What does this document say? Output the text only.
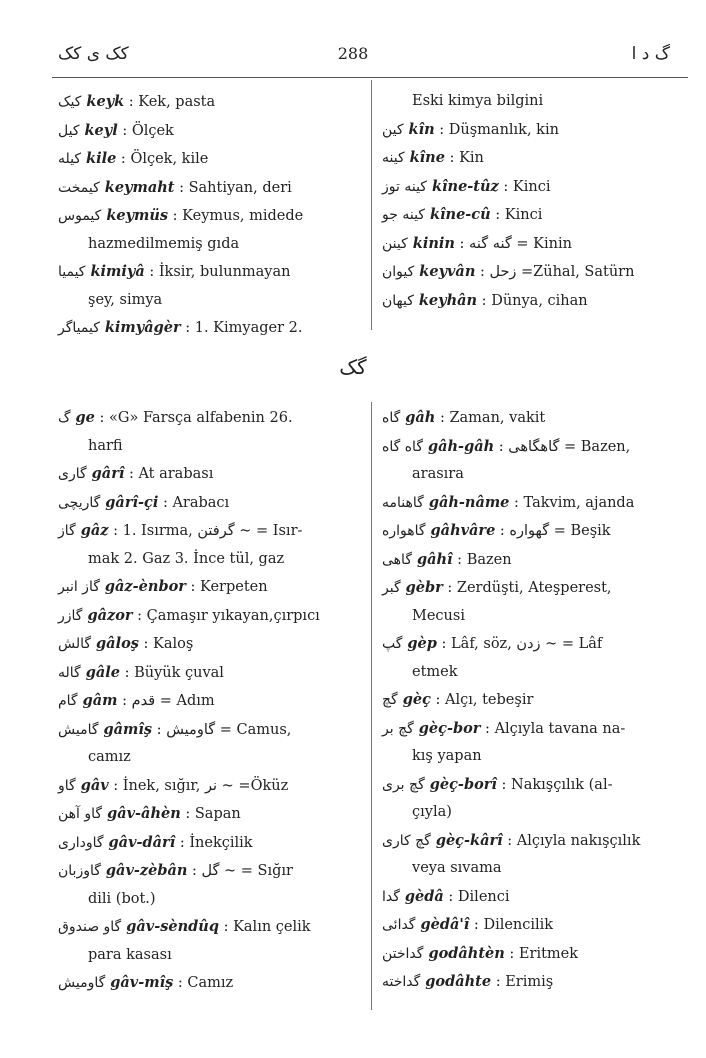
کک ی کک	288	گ د ا
کیک keyk : Kek, pasta
کیل keyl : Ölçek
کیله kile : Ölçek, kile
کیمخت keymaht : Sahtiyan, deri
کیموس keymüs : Keymus, midede
hazmedilmemiş gıda
کیمیا kimiyâ : İksir, bulunmayan
şey, simya
کیمیاگر kimyâgèr : 1. Kimyager 2.
Eski kimya bilgini
کین kîn : Düşmanlık, kin
کینه kîne : Kin
کینه توز kîne-tûz : Kinci
کینه جو kîne-cû : Kinci
کینن kinin : گنه گنه = Kinin
کیوان keyvân : زحل =Zühal, Satürn
کیهان keyhân : Dünya, cihan
گک
گ ge : «G» Farsça alfabenin 26.
harfi
گاری gârî : At arabası
گاریچی gârî-çi : Arabacı
گاز gâz : 1. Isırma, گرفتن ~ = Isır-
mak 2. Gaz 3. İnce tül, gaz
گاز انبر gâz-ènbor : Kerpeten
گازر gâzor : Çamaşır yıkayan,çırpıcı
گالش gâloş : Kaloş
گاله gâle : Büyük çuval
گام gâm : قدم = Adım
گامیش gâmîş : گاومیش = Camus,
camız
گاو gâv : İnek, sığır, نر ~ =Öküz
گاو آهن gâv-âhèn : Sapan
گاوداری gâv-dârî : İnekçilik
گاوزبان gâv-zèbân : گل ~ = Sığır
dili (bot.)
گاو صندوق gâv-sèndûq : Kalın çelik
para kasası
گاومیش gâv-mîş : Camız
گاه gâh : Zaman, vakit
گاه گاه gâh-gâh : گاهگاهی = Bazen,
arasıra
گاهنامه gâh-nâme : Takvim, ajanda
گاهواره gâhvâre : گهواره = Beşik
گاهی gâhî : Bazen
گبر gèbr : Zerdüşti, Ateşperest,
Mecusi
گپ gèp : Lâf, söz, زدن ~ = Lâf
etmek
گچ gèç : Alçı, tebeşir
گچ بر gèç-bor : Alçıyla tavana na-
kış yapan
گچ بری gèç-borî : Nakışçılık (al-
çıyla)
گچ کاری gèç-kârî : Alçıyla nakışçılık
veya sıvama
گدا gèdâ : Dilenci
گدائی gèdâ'î : Dilencilik
گداختن godâhtèn : Eritmek
گداخته godâhte : Erimiş
